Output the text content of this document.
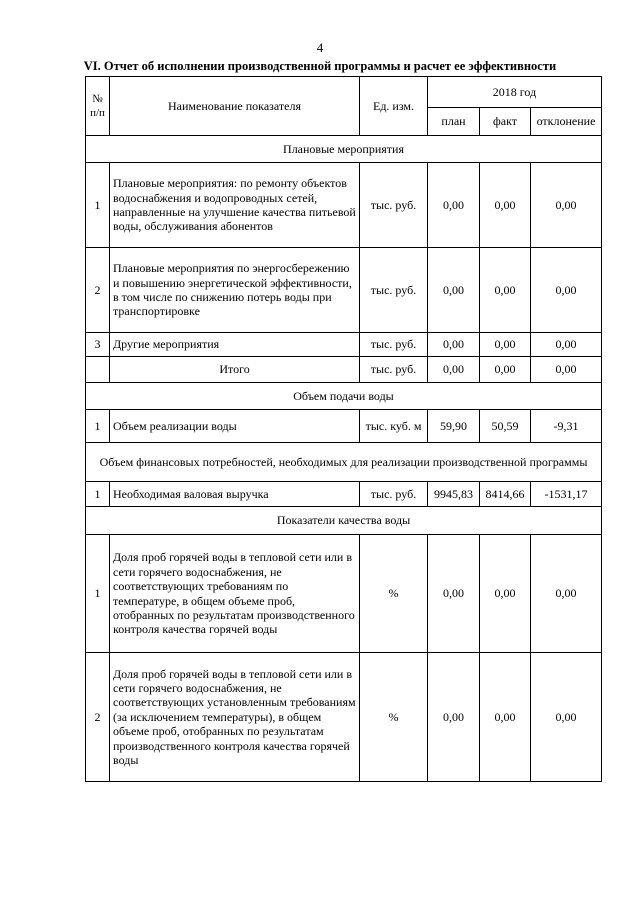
4
VI. Отчет об исполнении производственной программы и расчет ее эффективности
№ п/п	Наименование показателя	Ед. изм.	2018 год		
			план	факт	отклонение
Плановые мероприятия					
1	Плановые мероприятия: по ремонту объектов водоснабжения и водопроводных сетей, направленные на улучшение качества питьевой воды, обслуживания абонентов	тыс. руб.	0,00	0,00	0,00
2	Плановые мероприятия по энергосбережению и повышению энергетической эффективности, в том числе по снижению потерь воды при транспортировке	тыс. руб.	0,00	0,00	0,00
3	Другие мероприятия	тыс. руб.	0,00	0,00	0,00
	Итого	тыс. руб.	0,00	0,00	0,00
Объем подачи воды					
1	Объем реализации воды	тыс. куб. м	59,90	50,59	-9,31
Объем финансовых потребностей, необходимых для реализации производственной программы					
1	Необходимая валовая выручка	тыс. руб.	9945,83	8414,66	-1531,17
Показатели качества воды					
1	Доля проб горячей воды в тепловой сети или в сети горячего водоснабжения, не соответствующих требованиям по температуре, в общем объеме проб, отобранных по результатам производственного контроля качества горячей воды	%	0,00	0,00	0,00
2	Доля проб горячей воды в тепловой сети или в сети горячего водоснабжения, не соответствующих установленным требованиям (за исключением температуры), в общем объеме проб, отобранных по результатам производственного контроля качества горячей воды	%	0,00	0,00	0,00
